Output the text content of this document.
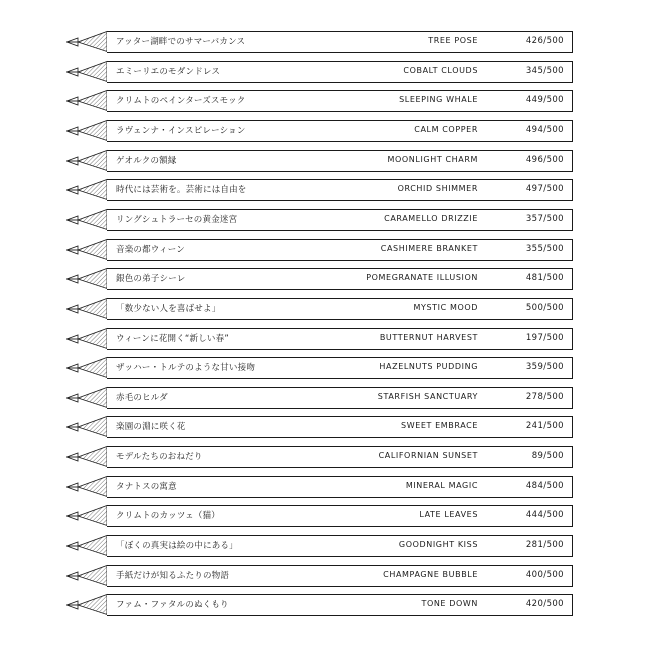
アッター湖畔でのサマーバカンス	TREE POSE	426/500
エミーリエのモダンドレス	COBALT CLOUDS	345/500
クリムトのペインターズスモック	SLEEPING WHALE	449/500
ラヴェンナ・インスピレーション	CALM COPPER	494/500
ゲオルクの額縁	MOONLIGHT CHARM	496/500
時代には芸術を。芸術には自由を	ORCHID SHIMMER	497/500
リングシュトラーセの黄金迷宮	CARAMELLO DRIZZIE	357/500
音楽の都ウィーン	CASHIMERE BRANKET	355/500
銀色の弟子シーレ	POMEGRANATE ILLUSION	481/500
「数少ない人を喜ばせよ」	MYSTIC MOOD	500/500
ウィーンに花開く“新しい春”	BUTTERNUT HARVEST	197/500
ザッハー・トルテのような甘い接吻	HAZELNUTS PUDDING	359/500
赤毛のヒルダ	STARFISH SANCTUARY	278/500
楽園の淵に咲く花	SWEET EMBRACE	241/500
モデルたちのおねだり	CALIFORNIAN SUNSET	89/500
タナトスの寓意	MINERAL MAGIC	484/500
クリムトのカッツェ（猫）	LATE LEAVES	444/500
「ぼくの真実は絵の中にある」	GOODNIGHT KISS	281/500
手紙だけが知るふたりの物語	CHAMPAGNE BUBBLE	400/500
ファム・ファタルのぬくもり	TONE DOWN	420/500
